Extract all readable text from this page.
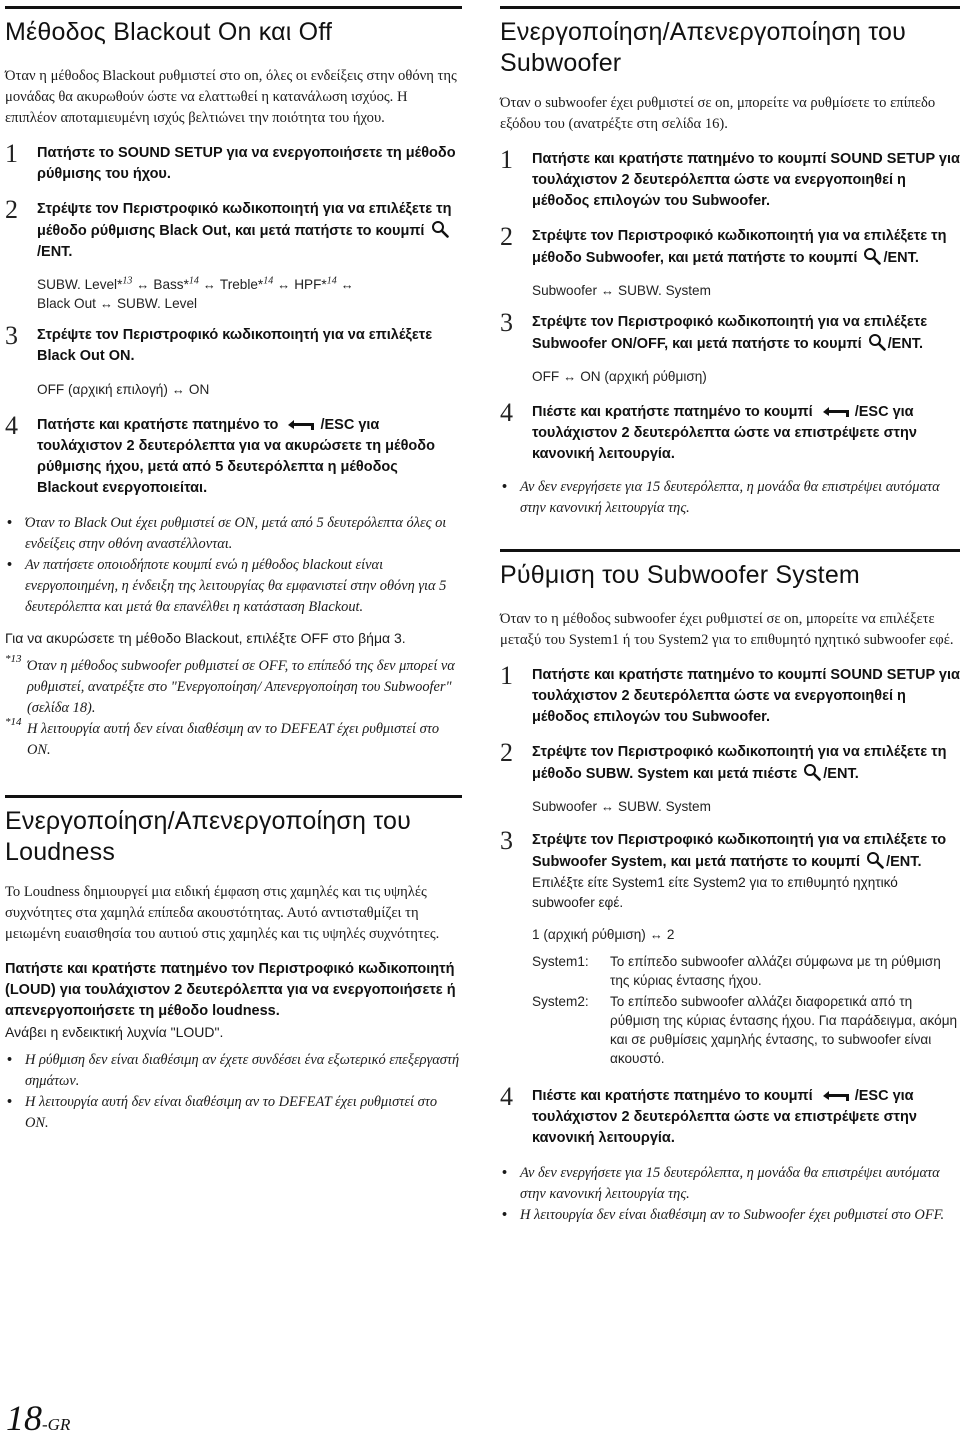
Μέθοδος Blackout On και Off

Όταν η μέθοδος Blackout ρυθμιστεί στο on, όλες οι ενδείξεις στην οθόνη της μονάδας θα ακυρωθούν ώστε να ελαττωθεί η κατανάλωση ισχύος. Η επιπλέον αποταμιευμένη ισχύς βελτιώνει την ποιότητα του ήχου.

1 Πατήστε το SOUND SETUP για να ενεργοποιήσετε τη μέθοδο ρύθμισης του ήχου.

2 Στρέψτε τον Περιστροφικό κωδικοποιητή για να επιλέξετε τη μέθοδο ρύθμισης Black Out, και μετά πατήστε το κουμπί /ENT.

SUBW. Level*$^{13}$ ↔ Bass*$^{14}$ ↔ Treble*$^{14}$ ↔ HPF*$^{14}$ ↔
Black Out ↔ SUBW. Level
3 Στρέψτε τον Περιστροφικό κωδικοποιητή για να επιλέξετε Black Out ON.

OFF (αρχική επιλογή) ↔ ON
4 Πατήστε και κρατήστε πατημένο το	/ESC για τουλάχιστον 2 δευτερόλεπτα για να ακυρώσετε τη μέθοδο ρύθμισης ήχου, μετά από 5 δευτερόλεπτα η μέθοδος Blackout ενεργοποιείται.

• Όταν το Black Out έχει ρυθμιστεί σε ON, μετά από 5 δευτερόλεπτα όλες οι ενδείξεις στην οθόνη αναστέλλονται.
• Αν πατήσετε οποιοδήποτε κουμπί ενώ η μέθοδος blackout είναι ενεργοποιημένη, η ένδειξη της λειτουργίας θα εμφανιστεί στην οθόνη για 5 δευτερόλεπτα και μετά θα επανέλθει η κατάσταση Blackout.

Για να ακυρώσετε τη μέθοδο Blackout, επιλέξτε OFF στο βήμα 3.

*13 Όταν η μέθοδος subwoofer ρυθμιστεί σε OFF, το επίπεδό της δεν μπορεί να ρυθμιστεί, ανατρέξτε στο "Ενεργοποίηση/ Απενεργοποίηση του Subwoofer" (σελίδα 18).

*14 Η λειτουργία αυτή δεν είναι διαθέσιμη αν το DEFEAT έχει ρυθμιστεί στο ON.

Ενεργοποίηση/Απενεργοποίηση του Loudness

Το Loudness δημιουργεί μια ειδική έμφαση στις χαμηλές και τις υψηλές συχνότητες στα χαμηλά επίπεδα ακουστότητας. Αυτό αντισταθμίζει τη μειωμένη ευαισθησία του αυτιού στις χαμηλές και τις υψηλές συχνότητες.

Πατήστε και κρατήστε πατημένο τον Περιστροφικό κωδικοποιητή (LOUD) για τουλάχιστον 2 δευτερόλεπτα για να ενεργοποιήσετε ή απενεργοποιήσετε τη μέθοδο loudness.

Ανάβει η ενδεικτική λυχνία "LOUD".

• Η ρύθμιση δεν είναι διαθέσιμη αν έχετε συνδέσει ένα εξωτερικό επεξεργαστή σημάτων.
• Η λειτουργία αυτή δεν είναι διαθέσιμη αν το DEFEAT έχει ρυθμιστεί στο ON.
Ενεργοποίηση/Απενεργοποίηση του Subwoofer

Όταν ο subwoofer έχει ρυθμιστεί σε on, μπορείτε να ρυθμίσετε το επίπεδο εξόδου του (ανατρέξτε στη σελίδα 16).

1 Πατήστε και κρατήστε πατημένο το κουμπί SOUND SETUP για τουλάχιστον 2 δευτερόλεπτα ώστε να ενεργοποιηθεί η μέθοδος επιλογών του Subwoofer.

2 Στρέψτε τον Περιστροφικό κωδικοποιητή για να επιλέξετε τη μέθοδο Subwoofer, και μετά πατήστε το κουμπί /ENT.

Subwoofer ↔ SUBW. System
3 Στρέψτε τον Περιστροφικό κωδικοποιητή για να επιλέξετε Subwoofer ON/OFF, και μετά πατήστε το κουμπί /ENT.

OFF ↔ ON (αρχική ρύθμιση)
4 Πιέστε και κρατήστε πατημένο το κουμπί	/ESC για τουλάχιστον 2 δευτερόλεπτα ώστε να επιστρέψετε στην κανονική λειτουργία.

• Αν δεν ενεργήσετε για 15 δευτερόλεπτα, η μονάδα θα επιστρέψει αυτόματα στην κανονική λειτουργία της.
Ρύθμιση του Subwoofer System

Όταν το η μέθοδος subwoofer έχει ρυθμιστεί σε on, μπορείτε να επιλέξετε μεταξύ του System1 ή του System2 για το επιθυμητό ηχητικό subwoofer εφέ.

1 Πατήστε και κρατήστε πατημένο το κουμπί SOUND SETUP για τουλάχιστον 2 δευτερόλεπτα ώστε να ενεργοποιηθεί η μέθοδος επιλογών του Subwoofer.

2 Στρέψτε τον Περιστροφικό κωδικοποιητή για να επιλέξετε τη μέθοδο SUBW. System και μετά πιέστε /ENT.

Subwoofer ↔ SUBW. System
3 Στρέψτε τον Περιστροφικό κωδικοποιητή για να επιλέξετε το Subwoofer System, και μετά πατήστε το κουμπί /ENT.

Επιλέξτε είτε System1 είτε System2 για το επιθυμητό ηχητικό subwoofer εφέ.

1 (αρχική ρύθμιση) ↔ 2
System1: Το επίπεδο subwoofer αλλάζει σύμφωνα με τη ρύθμιση της κύριας έντασης ήχου.
System2: Το επίπεδο subwoofer αλλάζει διαφορετικά από τη ρύθμιση της κύριας έντασης ήχου. Για παράδειγμα, ακόμη και σε ρυθμίσεις χαμηλής έντασης, το subwoofer είναι ακουστό.
4 Πιέστε και κρατήστε πατημένο το κουμπί	/ESC για τουλάχιστον 2 δευτερόλεπτα ώστε να επιστρέψετε στην κανονική λειτουργία.

• Αν δεν ενεργήσετε για 15 δευτερόλεπτα, η μονάδα θα επιστρέψει αυτόματα στην κανονική λειτουργία της.
• Η λειτουργία δεν είναι διαθέσιμη αν το Subwoofer έχει ρυθμιστεί στο OFF.
18-GR
